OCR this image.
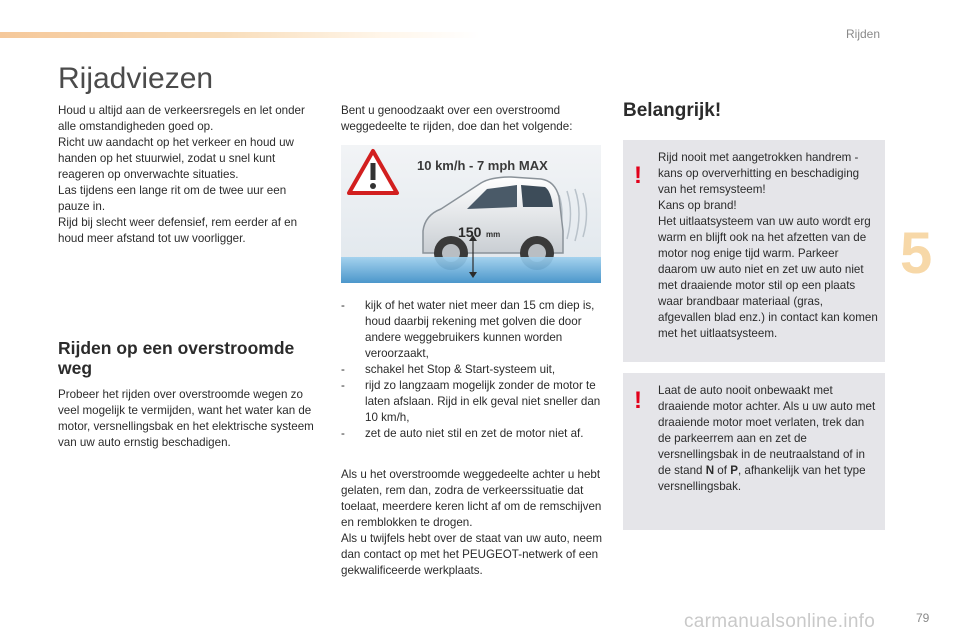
Rijden
Rijadviezen

Houd u altijd aan de verkeersregels en let onder alle omstandigheden goed op.

Richt uw aandacht op het verkeer en houd uw handen op het stuurwiel, zodat u snel kunt reageren op onverwachte situaties.

Las tijdens een lange rit om de twee uur een pauze in.

Rijd bij slecht weer defensief, rem eerder af en houd meer afstand tot uw voorligger.

Rijden op een overstroomde weg

Probeer het rijden over overstroomde wegen zo veel mogelijk te vermijden, want het water kan de motor, versnellingsbak en het elektrische systeem van uw auto ernstig beschadigen.

Bent u genoodzaakt over een overstroomd weggedeelte te rijden, doe dan het volgende:

10 km/h - 7 mph MAX
150 mm
- kijk of het water niet meer dan 15 cm diep is, houd daarbij rekening met golven die door andere weggebruikers kunnen worden veroorzaakt,
- schakel het Stop & Start-systeem uit,
- rijd zo langzaam mogelijk zonder de motor te laten afslaan. Rijd in elk geval niet sneller dan 10 km/h,
- zet de auto niet stil en zet de motor niet af.

Als u het overstroomde weggedeelte achter u hebt gelaten, rem dan, zodra de verkeerssituatie dat toelaat, meerdere keren licht af om de remschijven en remblokken te drogen.

Als u twijfels hebt over de staat van uw auto, neem dan contact op met het PEUGEOT-netwerk of een gekwalificeerde werkplaats.

Belangrijk!
!

Rijd nooit met aangetrokken handrem - kans op oververhitting en beschadiging van het remsysteem!

Kans op brand!

Het uitlaatsysteem van uw auto wordt erg warm en blijft ook na het afzetten van de motor nog enige tijd warm. Parkeer daarom uw auto niet en zet uw auto niet met draaiende motor stil op een plaats waar brandbaar materiaal (gras, afgevallen blad enz.) in contact kan komen met het uitlaatsysteem.

! Laat de auto nooit onbewaakt met draaiende motor achter. Als u uw auto met draaiende motor moet verlaten, trek dan de parkeerrem aan en zet de versnellingsbak in de neutraalstand of in de stand N of P, afhankelijk van het type versnellingsbak.

5
carmanualsonline.info	79
